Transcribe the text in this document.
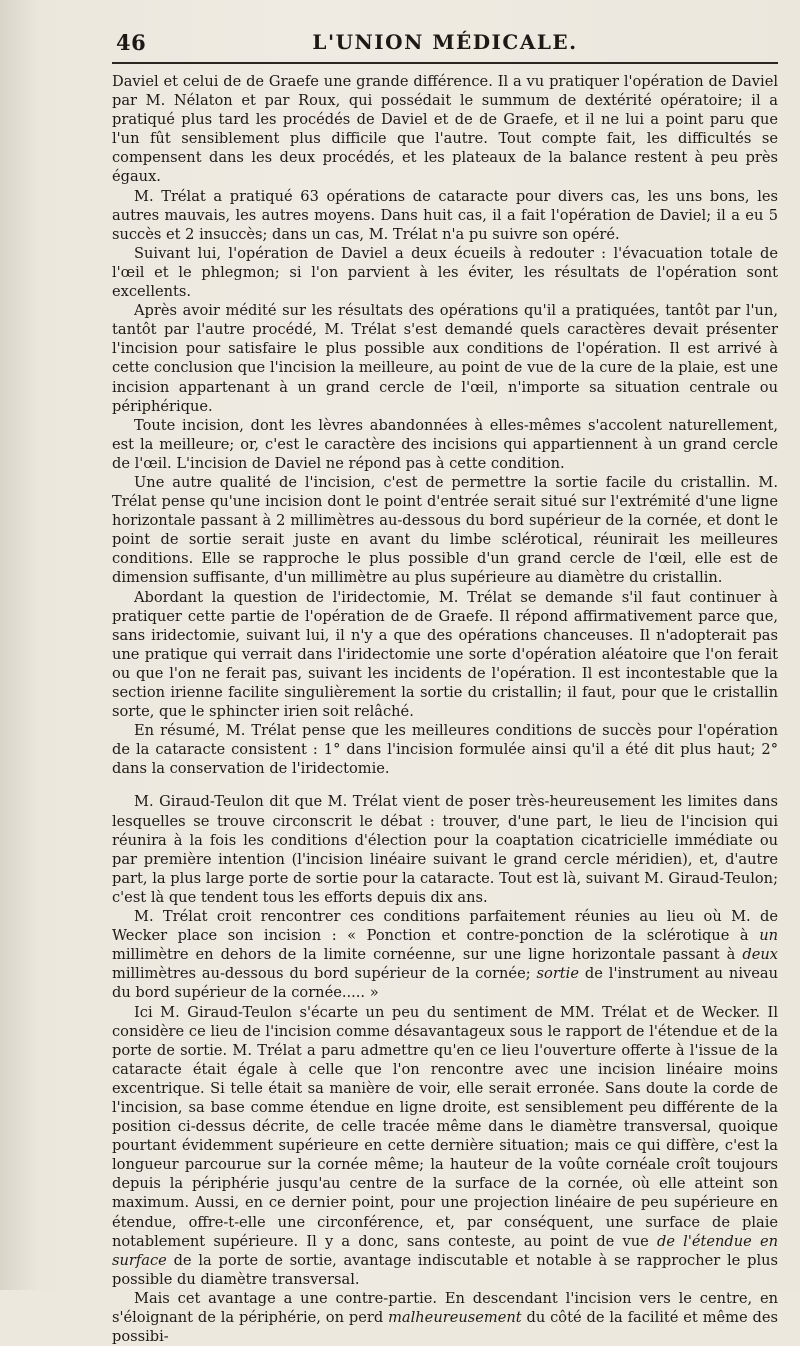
46	L'UNION MÉDICALE.

Daviel et celui de de Graefe une grande différence. Il a vu pratiquer l'opération de Daviel par M. Nélaton et par Roux, qui possédait le summum de dextérité opératoire; il a pratiqué plus tard les procédés de Daviel et de de Graefe, et il ne lui a point paru que l'un fût sensiblement plus difficile que l'autre. Tout compte fait, les difficultés se compensent dans les deux procédés, et les plateaux de la balance restent à peu près égaux.

M. Trélat a pratiqué 63 opérations de cataracte pour divers cas, les uns bons, les autres mauvais, les autres moyens. Dans huit cas, il a fait l'opération de Daviel; il a eu 5 succès et 2 insuccès; dans un cas, M. Trélat n'a pu suivre son opéré.

Suivant lui, l'opération de Daviel a deux écueils à redouter : l'évacuation totale de l'œil et le phlegmon; si l'on parvient à les éviter, les résultats de l'opération sont excellents.

Après avoir médité sur les résultats des opérations qu'il a pratiquées, tantôt par l'un, tantôt par l'autre procédé, M. Trélat s'est demandé quels caractères devait présenter l'incision pour satisfaire le plus possible aux conditions de l'opération. Il est arrivé à cette conclusion que l'incision la meilleure, au point de vue de la cure de la plaie, est une incision appartenant à un grand cercle de l'œil, n'importe sa situation centrale ou périphérique.

Toute incision, dont les lèvres abandonnées à elles-mêmes s'accolent naturellement, est la meilleure; or, c'est le caractère des incisions qui appartiennent à un grand cercle de l'œil. L'incision de Daviel ne répond pas à cette condition.

Une autre qualité de l'incision, c'est de permettre la sortie facile du cristallin. M. Trélat pense qu'une incision dont le point d'entrée serait situé sur l'extrémité d'une ligne horizontale passant à 2 millimètres au-dessous du bord supérieur de la cornée, et dont le point de sortie serait juste en avant du limbe sclérotical, réunirait les meilleures conditions. Elle se rapproche le plus possible d'un grand cercle de l'œil, elle est de dimension suffisante, d'un millimètre au plus supérieure au diamètre du cristallin.

Abordant la question de l'iridectomie, M. Trélat se demande s'il faut continuer à pratiquer cette partie de l'opération de de Graefe. Il répond affirmativement parce que, sans iridectomie, suivant lui, il n'y a que des opérations chanceuses. Il n'adopterait pas une pratique qui verrait dans l'iridectomie une sorte d'opération aléatoire que l'on ferait ou que l'on ne ferait pas, suivant les incidents de l'opération. Il est incontestable que la section irienne facilite singulièrement la sortie du cristallin; il faut, pour que le cristallin sorte, que le sphincter irien soit relâché.

En résumé, M. Trélat pense que les meilleures conditions de succès pour l'opération de la cataracte consistent : 1° dans l'incision formulée ainsi qu'il a été dit plus haut; 2° dans la conservation de l'iridectomie.

M. Giraud-Teulon dit que M. Trélat vient de poser très-heureusement les limites dans lesquelles se trouve circonscrit le débat : trouver, d'une part, le lieu de l'incision qui réunira à la fois les conditions d'élection pour la coaptation cicatricielle immédiate ou par première intention (l'incision linéaire suivant le grand cercle méridien), et, d'autre part, la plus large porte de sortie pour la cataracte. Tout est là, suivant M. Giraud-Teulon; c'est là que tendent tous les efforts depuis dix ans.

M. Trélat croit rencontrer ces conditions parfaitement réunies au lieu où M. de Wecker place son incision : « Ponction et contre-ponction de la sclérotique à un millimètre en dehors de la limite cornéenne, sur une ligne horizontale passant à deux millimètres au-dessous du bord supérieur de la cornée; sortie de l'instrument au niveau du bord supérieur de la cornée..... »

Ici M. Giraud-Teulon s'écarte un peu du sentiment de MM. Trélat et de Wecker. Il considère ce lieu de l'incision comme désavantageux sous le rapport de l'étendue et de la porte de sortie. M. Trélat a paru admettre qu'en ce lieu l'ouverture offerte à l'issue de la cataracte était égale à celle que l'on rencontre avec une incision linéaire moins excentrique. Si telle était sa manière de voir, elle serait erronée. Sans doute la corde de l'incision, sa base comme étendue en ligne droite, est sensiblement peu différente de la position ci-dessus décrite, de celle tracée même dans le diamètre transversal, quoique pourtant évidemment supérieure en cette dernière situation; mais ce qui diffère, c'est la longueur parcourue sur la cornée même; la hauteur de la voûte cornéale croît toujours depuis la périphérie jusqu'au centre de la surface de la cornée, où elle atteint son maximum. Aussi, en ce dernier point, pour une projection linéaire de peu supérieure en étendue, offre-t-elle une circonférence, et, par conséquent, une surface de plaie notablement supérieure. Il y a donc, sans conteste, au point de vue de l'étendue en surface de la porte de sortie, avantage indiscutable et notable à se rapprocher le plus possible du diamètre transversal.

Mais cet avantage a une contre-partie. En descendant l'incision vers le centre, en s'éloignant de la périphérie, on perd malheureusement du côté de la facilité et même des possibi-
